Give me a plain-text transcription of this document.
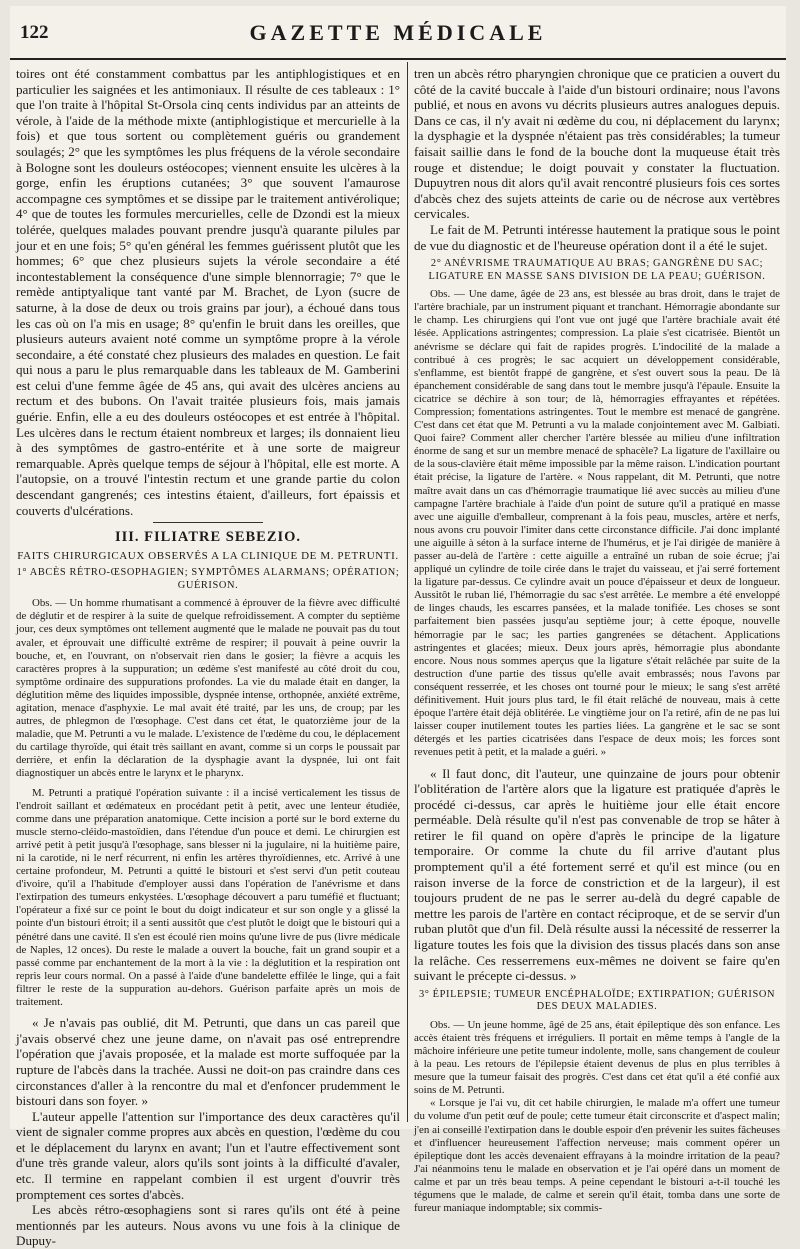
122	GAZETTE MÉDICALE

toires ont été constamment combattus par les antiphlogistiques et en particulier les saignées et les antimoniaux. Il résulte de ces tableaux : 1° que l'on traite à l'hôpital St-Orsola cinq cents individus par an atteints de vérole, à l'aide de la méthode mixte (antiphlogistique et mercurielle à la fois) et que tous sortent ou complètement guéris ou grandement soulagés; 2° que les symptômes les plus fréquens de la vérole secondaire à Bologne sont les douleurs ostéocopes; viennent ensuite les ulcères à la gorge, enfin les éruptions cutanées; 3° que souvent l'amaurose accompagne ces symptômes et se dissipe par le traitement antivérolique; 4° que de toutes les formules mercurielles, celle de Dzondi est la mieux tolérée, quelques malades pouvant prendre jusqu'à quarante pilules par jour et en une fois; 5° qu'en général les femmes guérissent plutôt que les hommes; 6° que chez plusieurs sujets la vérole secondaire a été incontestablement la conséquence d'une simple blennorragie; 7° que le remède antiptyalique tant vanté par M. Brachet, de Lyon (sucre de saturne, à la dose de deux ou trois grains par jour), a échoué dans tous les cas où on l'a mis en usage; 8° qu'enfin le bruit dans les oreilles, que plusieurs auteurs avaient noté comme un symptôme propre à la vérole secondaire, a été constaté chez plusieurs des malades en question. Le fait qui nous a paru le plus remarquable dans les tableaux de M. Gamberini est celui d'une femme âgée de 45 ans, qui avait des ulcères anciens au rectum et des bubons. On l'avait traitée plusieurs fois, mais jamais guérie. Enfin, elle a eu des douleurs ostéocopes et est entrée à l'hôpital. Les ulcères dans le rectum étaient nombreux et larges; ils donnaient lieu à des symptômes de gastro-entérite et à une sorte de maigreur remarquable. Après quelque temps de séjour à l'hôpital, elle est morte. A l'autopsie, on a trouvé l'intestin rectum et une grande partie du colon descendant gangrenés; ces intestins étaient, d'ailleurs, fort épaissis et couverts d'ulcérations.

III. FILIATRE SEBEZIO.
FAITS CHIRURGICAUX OBSERVÉS A LA CLINIQUE DE M. PETRUNTI.
1° ABCÈS RÉTRO-ŒSOPHAGIEN; SYMPTÔMES ALARMANS; OPÉRATION; GUÉRISON.

Obs. — Un homme rhumatisant a commencé à éprouver de la fièvre avec difficulté de déglutir et de respirer à la suite de quelque refroidissement. A compter du septième jour, ces deux symptômes ont tellement augmenté que le malade ne pouvait pas du tout avaler, et éprouvait une difficulté extrême de respirer; il pouvait à peine ouvrir la bouche, et, en l'ouvrant, on n'observait rien dans le gosier; la fièvre a acquis les caractères propres à la suppuration; un œdème s'est manifesté au côté droit du cou, symptôme ordinaire des suppurations profondes. La vie du malade était en danger, la déglutition même des liquides impossible, dyspnée intense, orthopnée, anxiété extrême, agitation, menace d'asphyxie. Le mal avait été traité, par les uns, de croup; par les autres, de phlegmon de l'œsophage. C'est dans cet état, le quatorzième jour de la maladie, que M. Petrunti a vu le malade. L'existence de l'œdème du cou, le déplacement du cartilage thyroïde, qui était très saillant en avant, comme si un corps le poussait par derrière, et enfin la déclaration de la dysphagie avant la dyspnée, lui ont fait diagnostiquer un abcès entre le larynx et le pharynx.

M. Petrunti a pratiqué l'opération suivante : il a incisé verticalement les tissus de l'endroit saillant et œdémateux en procédant petit à petit, avec une lenteur étudiée, comme dans une préparation anatomique. Cette incision a porté sur le bord externe du muscle sterno-cléido-mastoïdien, dans l'étendue d'un pouce et demi. Le chirurgien est arrivé petit à petit jusqu'à l'œsophage, sans blesser ni la jugulaire, ni la huitième paire, ni la carotide, ni le nerf récurrent, ni enfin les artères thyroïdiennes, etc. Arrivé à une certaine profondeur, M. Petrunti a quitté le bistouri et s'est servi d'un petit couteau d'ivoire, qu'il a l'habitude d'employer aussi dans l'opération de l'anévrisme et dans l'extirpation des tumeurs enkystées. L'œsophage découvert a paru tuméfié et fluctuant; l'opérateur a fixé sur ce point le bout du doigt indicateur et sur son ongle y a glissé la pointe d'un bistouri étroit; il a senti aussitôt que c'est plutôt le doigt que le bistouri qui a pénétré dans une cavité. Il s'en est écoulé rien moins qu'une livre de pus (livre médicale de Naples, 12 onces). Du reste le malade a ouvert la bouche, fait un grand soupir et a passé comme par enchantement de la mort à la vie : la déglutition et la respiration ont repris leur cours normal. On a passé à l'aide d'une bandelette effilée le linge, qui a fait filtrer le reste de la suppuration au-dehors. Guérison parfaite après un mois de traitement.

« Je n'avais pas oublié, dit M. Petrunti, que dans un cas pareil que j'avais observé chez une jeune dame, on n'avait pas osé entreprendre l'opération que j'avais proposée, et la malade est morte suffoquée par la rupture de l'abcès dans la trachée. Aussi ne doit-on pas craindre dans ces circonstances d'aller à la rencontre du mal et d'enfoncer prudemment le bistouri dans son foyer. »

L'auteur appelle l'attention sur l'importance des deux caractères qu'il vient de signaler comme propres aux abcès en question, l'œdème du cou et le déplacement du larynx en avant; l'un et l'autre effectivement sont d'une très grande valeur, alors qu'ils sont joints à la difficulté d'avaler, etc. Il termine en rappelant combien il est urgent d'ouvrir très promptement ces sortes d'abcès.

Les abcès rétro-œsophagiens sont si rares qu'ils ont été à peine mentionnés par les auteurs. Nous avons vu une fois à la clinique de Dupuy-

tren un abcès rétro pharyngien chronique que ce praticien a ouvert du côté de la cavité buccale à l'aide d'un bistouri ordinaire; nous l'avons publié, et nous en avons vu décrits plusieurs autres analogues depuis. Dans ce cas, il n'y avait ni œdème du cou, ni déplacement du larynx; la dysphagie et la dyspnée n'étaient pas très considérables; la tumeur faisait saillie dans le fond de la bouche dont la muqueuse était très rouge et distendue; le doigt pouvait y constater la fluctuation. Dupuytren nous dit alors qu'il avait rencontré plusieurs fois ces sortes d'abcès chez des sujets atteints de carie ou de nécrose aux vertèbres cervicales.

Le fait de M. Petrunti intéresse hautement la pratique sous le point de vue du diagnostic et de l'heureuse opération dont il a été le sujet.

2° ANÉVRISME TRAUMATIQUE AU BRAS; GANGRÈNE DU SAC; LIGATURE EN MASSE SANS DIVISION DE LA PEAU; GUÉRISON.

Obs. — Une dame, âgée de 23 ans, est blessée au bras droit, dans le trajet de l'artère brachiale, par un instrument piquant et tranchant. Hémorragie abondante sur le champ. Les chirurgiens qui l'ont vue ont jugé que l'artère brachiale avait été lésée. Applications astringentes; compression. La plaie s'est cicatrisée. Bientôt un anévrisme se déclare qui fait de rapides progrès. L'indocilité de la malade a contribué à ces progrès; le sac acquiert un développement considérable, s'enflamme, est bientôt frappé de gangrène, et s'est ouvert sous la peau. De là épanchement considérable de sang dans tout le membre jusqu'à l'épaule. Ensuite la cicatrice se déchire à son tour; de là, hémorragies effrayantes et répétées. Compression; fomentations astringentes. Tout le membre est menacé de gangrène. C'est dans cet état que M. Petrunti a vu la malade conjointement avec M. Galbiati. Quoi faire? Comment aller chercher l'artère blessée au milieu d'une infiltration énorme de sang et sur un membre menacé de sphacèle? La ligature de l'axillaire ou de la sous-clavière était même impossible par la même raison. L'indication pourtant était précise, la ligature de l'artère. « Nous rappelant, dit M. Petrunti, que notre maître avait dans un cas d'hémorragie traumatique lié avec succès au milieu d'une campagne l'artère brachiale à l'aide d'un point de suture qu'il a pratiqué en masse avec une aiguille d'emballeur, comprenant à la fois peau, muscles, artère et nerfs, nous avons cru pouvoir l'imiter dans cette circonstance difficile. J'ai donc implanté une aiguille à séton à la surface interne de l'humérus, et je l'ai dirigée de manière à passer au-delà de l'artère : cette aiguille a entraîné un ruban de soie écrue; j'ai appliqué un cylindre de toile cirée dans le trajet du vaisseau, et j'ai serré fortement la ligature par-dessus. Ce cylindre avait un pouce d'épaisseur et deux de longueur. Aussitôt le ruban lié, l'hémorragie du sac s'est arrêtée. Le membre a été enveloppé de linges chauds, les escarres pansées, et la malade tonifiée. Les choses se sont parfaitement bien passées jusqu'au septième jour; à cette époque, nouvelle hémorragie par le sac; les parties gangrenées se détachent. Applications astringentes et glacées; mieux. Deux jours après, hémorragie plus abondante encore. Nous nous sommes aperçus que la ligature s'était relâchée par suite de la destruction d'une partie des tissus qu'elle avait embrassés; nous l'avons par conséquent resserrée, et les choses ont tourné pour le mieux; le sang s'est arrêté définitivement. Huit jours plus tard, le fil était relâché de nouveau, mais à cette époque l'artère était déjà oblitérée. Le vingtième jour on l'a retiré, afin de ne pas lui laisser couper inutilement toutes les parties liées. La gangrène et le sac se sont détergés et les parties cicatrisées dans l'espace de deux mois; les forces sont revenues petit à petit, et la malade a guéri. »

« Il faut donc, dit l'auteur, une quinzaine de jours pour obtenir l'oblitération de l'artère alors que la ligature est pratiquée d'après le procédé ci-dessus, car après le huitième jour elle était encore perméable. Delà résulte qu'il n'est pas convenable de trop se hâter à retirer le fil quand on opère d'après le principe de la ligature temporaire. Or comme la chute du fil arrive d'autant plus promptement qu'il a été fortement serré et qu'il est mince (ou en raison inverse de la force de constriction et de la largeur), il est toujours prudent de ne pas le serrer au-delà du degré capable de mettre les parois de l'artère en contact réciproque, et de se servir d'un ruban plutôt que d'un fil. Delà résulte aussi la nécessité de resserrer la ligature toutes les fois que la division des tissus placés dans son anse la relâche. Ces resserremens eux-mêmes ne doivent se faire qu'en suivant le précepte ci-dessus. »

3° ÉPILEPSIE; TUMEUR ENCÉPHALOÏDE; EXTIRPATION; GUÉRISON DES DEUX MALADIES.

Obs. — Un jeune homme, âgé de 25 ans, était épileptique dès son enfance. Les accès étaient très fréquens et irréguliers. Il portait en même temps à l'angle de la mâchoire inférieure une petite tumeur indolente, molle, sans changement de couleur à la peau. Les retours de l'épilepsie étaient devenus de plus en plus terribles à mesure que la tumeur faisait des progrès. C'est dans cet état qu'il a été confié aux soins de M. Petrunti.

« Lorsque je l'ai vu, dit cet habile chirurgien, le malade m'a offert une tumeur du volume d'un petit œuf de poule; cette tumeur était circonscrite et d'aspect malin; j'en ai conseillé l'extirpation dans le double espoir d'en prévenir les suites fâcheuses et d'influencer heureusement l'affection nerveuse; mais comment opérer un épileptique dont les accès devenaient effrayans à la moindre irritation de la peau? J'ai néanmoins tenu le malade en observation et je l'ai opéré dans un moment de calme et par un très beau temps. A peine cependant le bistouri a-t-il touché les tégumens que le malade, de calme et serein qu'il était, tomba dans une sorte de fureur maniaque indomptable; six commis-
